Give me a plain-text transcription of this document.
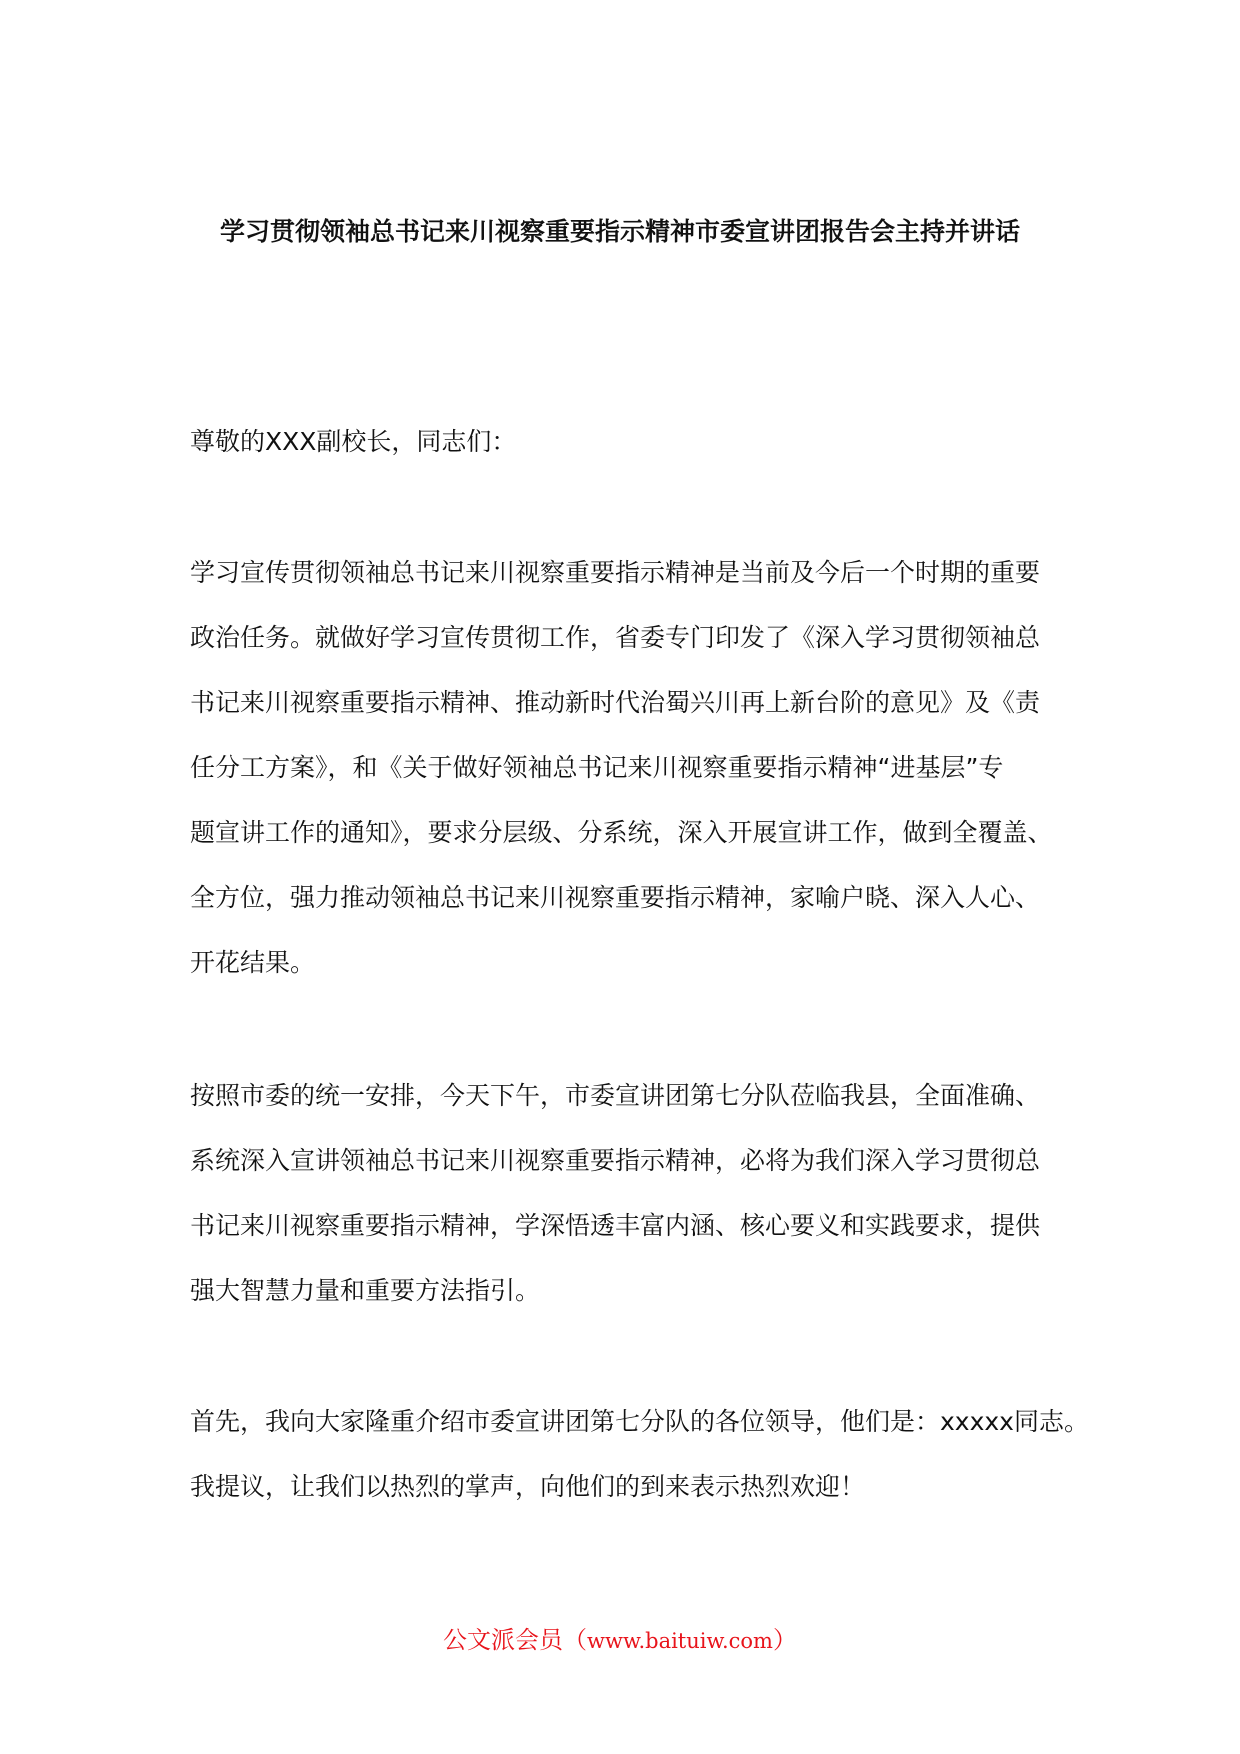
学习贯彻领袖总书记来川视察重要指示精神市委宣讲团报告会主持并讲话

尊敬的XXX副校长，同志们：

学习宣传贯彻领袖总书记来川视察重要指示精神是当前及今后一个时期的重要
政治任务。就做好学习宣传贯彻工作，省委专门印发了《深入学习贯彻领袖总
书记来川视察重要指示精神、推动新时代治蜀兴川再上新台阶的意见》及《责
任分工方案》，和《关于做好领袖总书记来川视察重要指示精神“进基层”专
题宣讲工作的通知》，要求分层级、分系统，深入开展宣讲工作，做到全覆盖、
全方位，强力推动领袖总书记来川视察重要指示精神，家喻户晓、深入人心、
开花结果。

按照市委的统一安排，今天下午，市委宣讲团第七分队莅临我县，全面准确、
系统深入宣讲领袖总书记来川视察重要指示精神，必将为我们深入学习贯彻总
书记来川视察重要指示精神，学深悟透丰富内涵、核心要义和实践要求，提供
强大智慧力量和重要方法指引。

首先，我向大家隆重介绍市委宣讲团第七分队的各位领导，他们是：xxxxx同志。
我提议，让我们以热烈的掌声，向他们的到来表示热烈欢迎！

公文派会员（www.baituiw.com）
